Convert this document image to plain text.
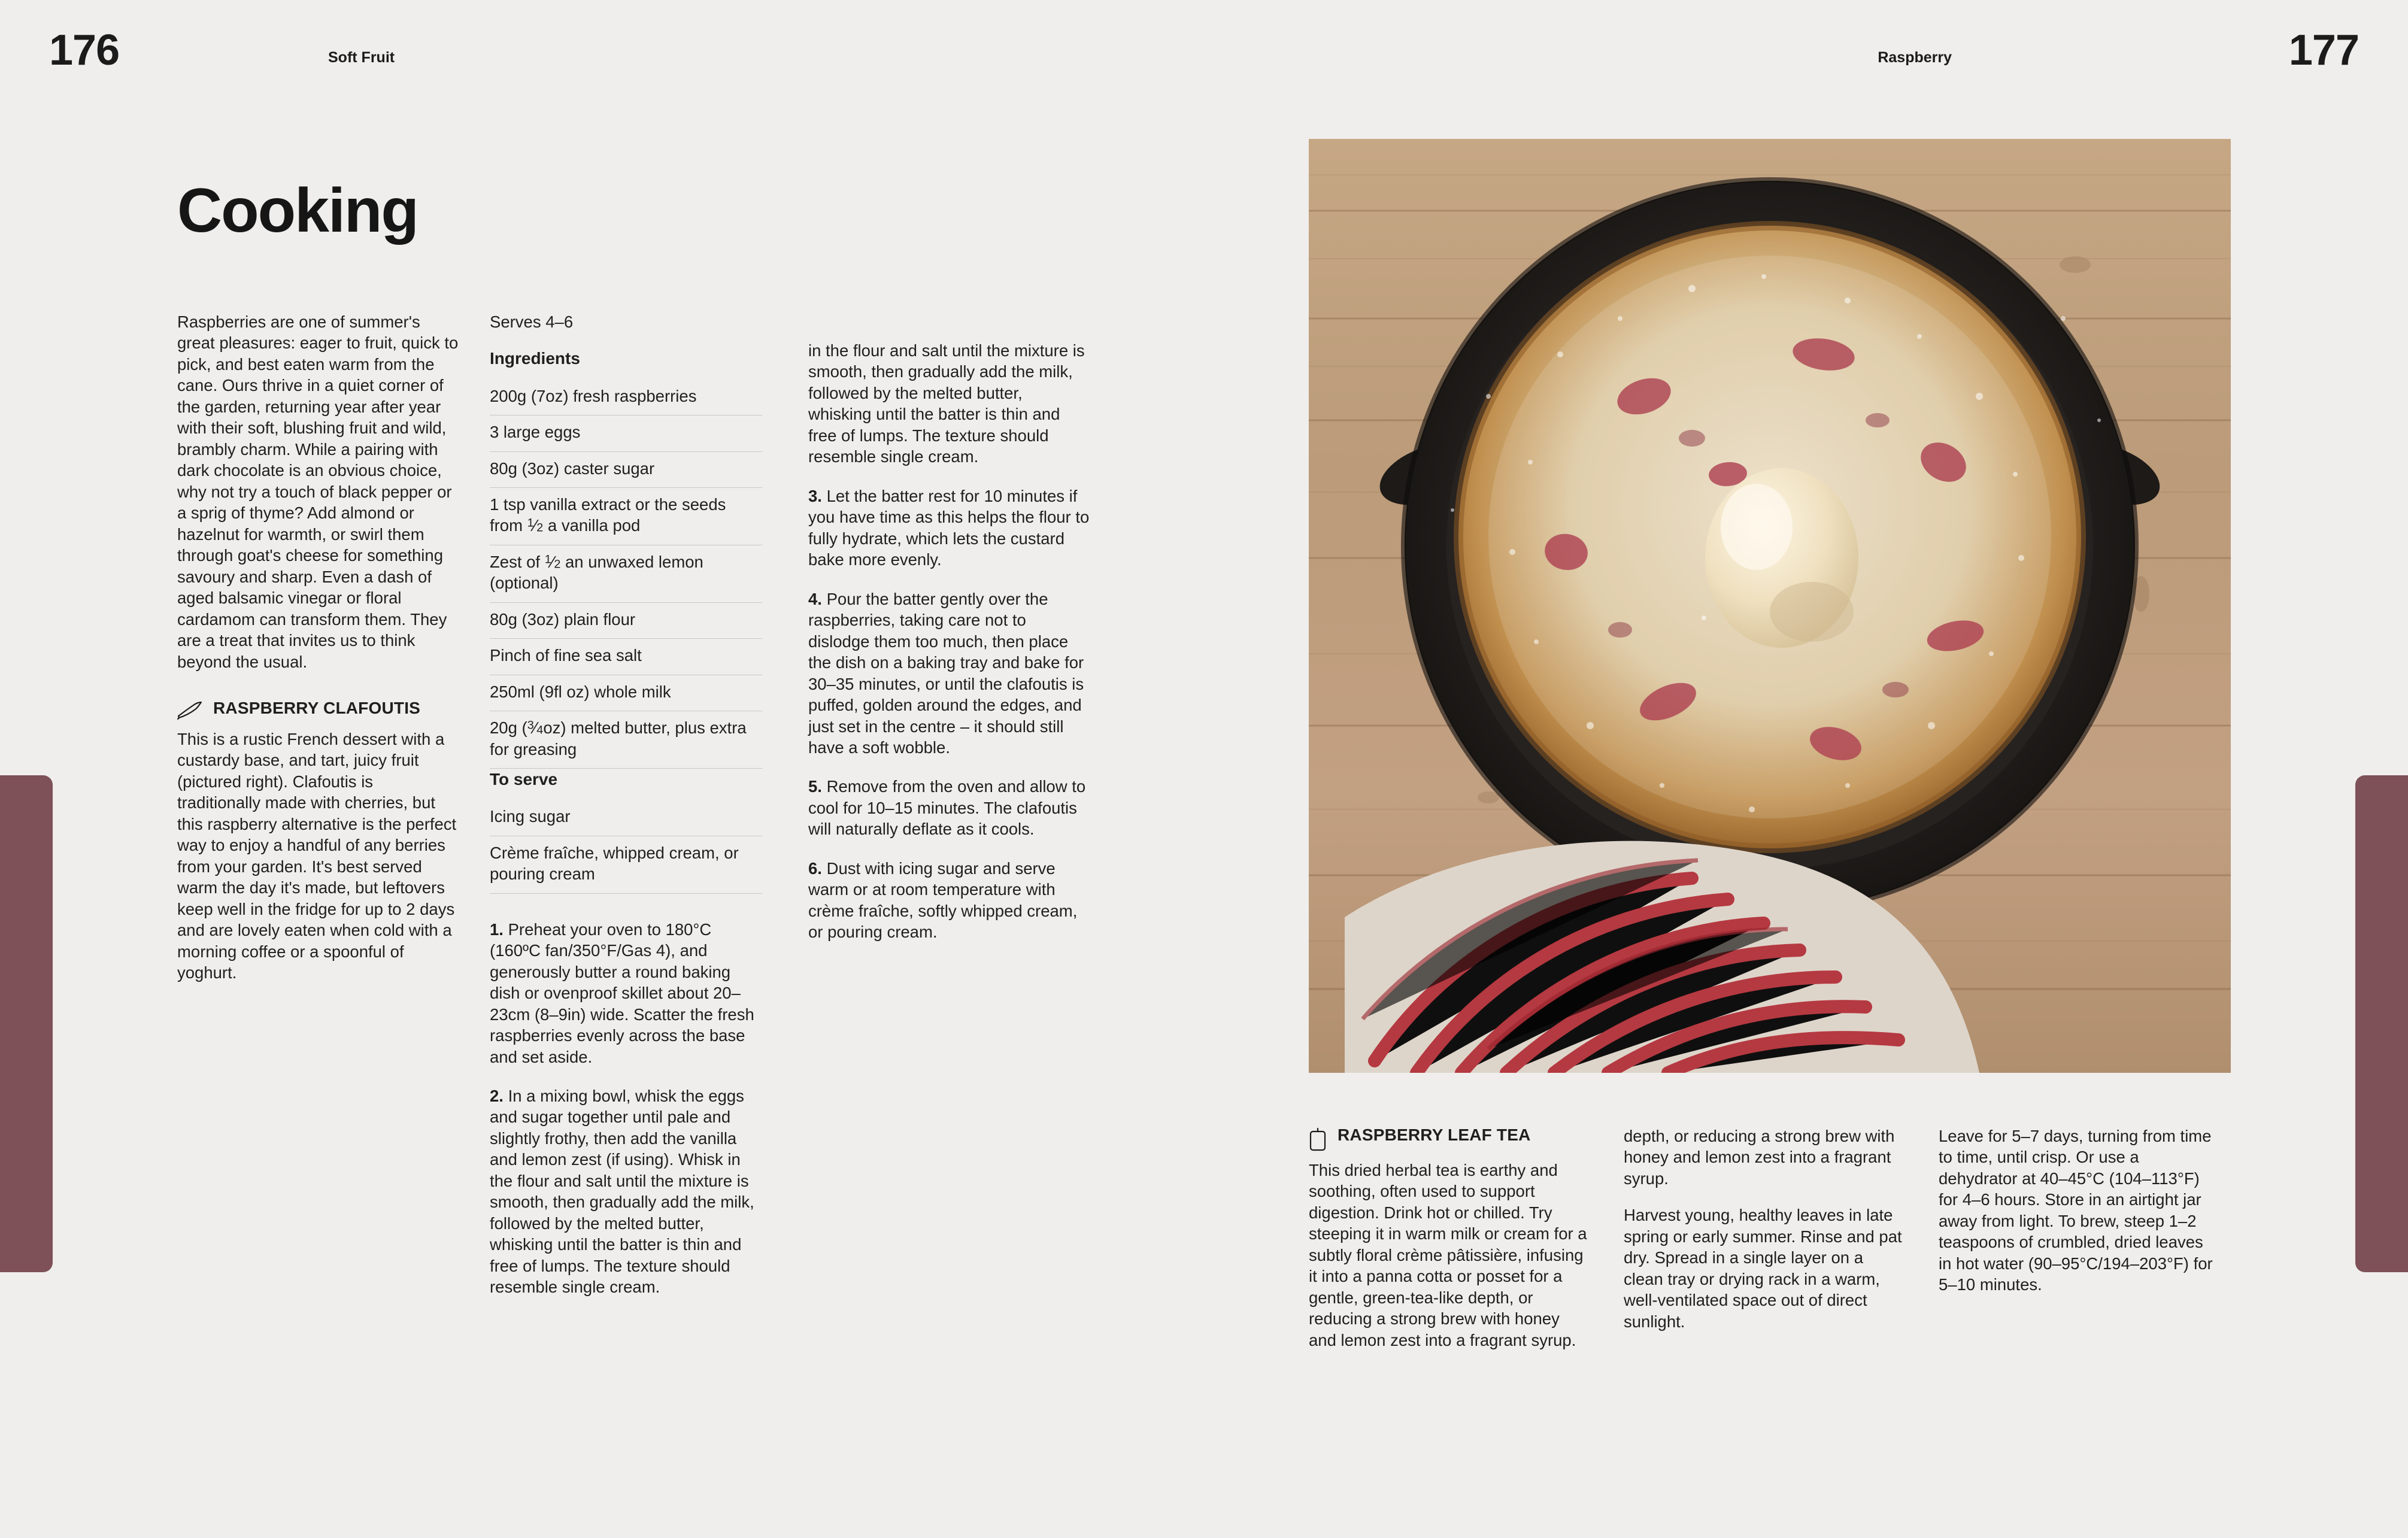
176	177
Soft Fruit	Raspberry
Cooking

Raspberries are one of summer's great pleasures: eager to fruit, quick to pick, and best eaten warm from the cane. Ours thrive in a quiet corner of the garden, returning year after year with their soft, blushing fruit and wild, brambly charm. While a pairing with dark chocolate is an obvious choice, why not try a touch of black pepper or a sprig of thyme? Add almond or hazelnut for warmth, or swirl them through goat's cheese for something savoury and sharp. Even a dash of aged balsamic vinegar or floral cardamom can transform them. They are a treat that invites us to think beyond the usual.

RASPBERRY CLAFOUTIS

This is a rustic French dessert with a custardy base, and tart, juicy fruit (pictured right). Clafoutis is traditionally made with cherries, but this raspberry alternative is the perfect way to enjoy a handful of any berries from your garden. It's best served warm the day it's made, but leftovers keep well in the fridge for up to 2 days and are lovely eaten when cold with a morning coffee or a spoonful of yoghurt.

Serves 4–6

Ingredients

200g (7oz) fresh raspberries
3 large eggs
80g (3oz) caster sugar
1 tsp vanilla extract or the seeds from $^1$⁄2 a vanilla pod
Zest of $^1$⁄2 an unwaxed lemon (optional)
80g (3oz) plain flour
Pinch of fine sea salt
250ml (9fl oz) whole milk
20g ($^3$⁄4oz) melted butter, plus extra for greasing

To serve

Icing sugar
Crème fraîche, whipped cream, or pouring cream

1. Preheat your oven to 180°C (160ºC fan/350°F/Gas 4), and generously butter a round baking dish or ovenproof skillet about 20–23cm (8–9in) wide. Scatter the fresh raspberries evenly across the base and set aside.

2. In a mixing bowl, whisk the eggs and sugar together until pale and slightly frothy, then add the vanilla and lemon zest (if using). Whisk in the flour and salt until the mixture is smooth, then gradually add the milk, followed by the melted butter, whisking until the batter is thin and free of lumps. The texture should resemble single cream.

in the flour and salt until the mixture is smooth, then gradually add the milk, followed by the melted butter, whisking until the batter is thin and free of lumps. The texture should resemble single cream.

3. Let the batter rest for 10 minutes if you have time as this helps the flour to fully hydrate, which lets the custard bake more evenly.

4. Pour the batter gently over the raspberries, taking care not to dislodge them too much, then place the dish on a baking tray and bake for 30–35 minutes, or until the clafoutis is puffed, golden around the edges, and just set in the centre – it should still have a soft wobble.

5. Remove from the oven and allow to cool for 10–15 minutes. The clafoutis will naturally deflate as it cools.

6. Dust with icing sugar and serve warm or at room temperature with crème fraîche, softly whipped cream, or pouring cream.

RASPBERRY LEAF TEA

This dried herbal tea is earthy and soothing, often used to support digestion. Drink hot or chilled. Try steeping it in warm milk or cream for a subtly floral crème pâtissière, infusing it into a panna cotta or posset for a gentle, green-tea-like depth, or reducing a strong brew with honey and lemon zest into a fragrant syrup.

depth, or reducing a strong brew with honey and lemon zest into a fragrant syrup.

Harvest young, healthy leaves in late spring or early summer. Rinse and pat dry. Spread in a single layer on a clean tray or drying rack in a warm, well-ventilated space out of direct sunlight.

Leave for 5–7 days, turning from time to time, until crisp. Or use a dehydrator at 40–45°C (104–113°F) for 4–6 hours. Store in an airtight jar away from light. To brew, steep 1–2 teaspoons of crumbled, dried leaves in hot water (90–95°C/194–203°F) for 5–10 minutes.
